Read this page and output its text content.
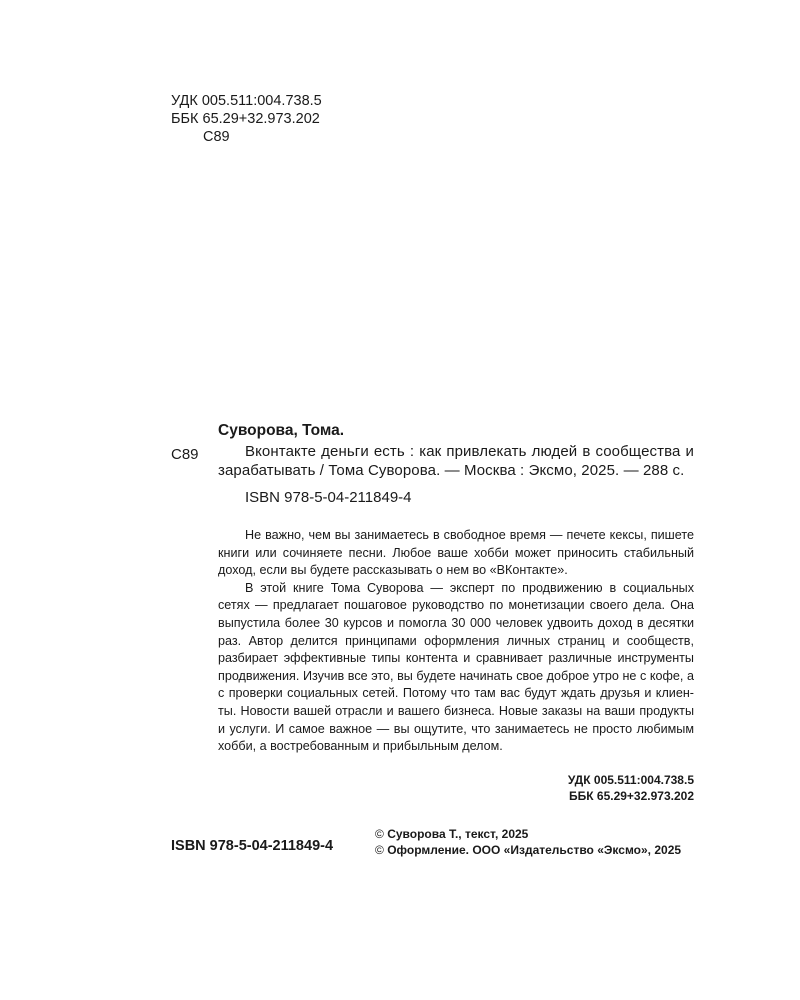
УДК 005.511:004.738.5
ББК 65.29+32.973.202
С89
С89
Суворова, Тома.
Вконтакте деньги есть : как привлекать людей в сообщества и зарабатывать / Тома Суворова. — Москва : Эксмо, 2025. — 288 с.
ISBN 978-5-04-211849-4

Не важно, чем вы занимаетесь в свободное время — печете кексы, пишете книги или сочиняете песни. Любое ваше хобби может приносить стабильный доход, если вы будете рассказывать о нем во «ВКонтакте».

В этой книге Тома Суворова — эксперт по продвижению в социальных сетях — предлагает пошаговое руководство по монетизации своего дела. Она выпустила более 30 курсов и помогла 30 000 человек удвоить доход в десятки раз. Автор делится принципами оформления личных страниц и сообществ, разбирает эффективные типы контента и сравнивает различные инструменты продвижения. Изучив все это, вы будете начинать свое доброе утро не с кофе, а с проверки социальных сетей. Потому что там вас будут ждать друзья и клиенты. Новости вашей отрасли и вашего бизнеса. Новые заказы на ваши продукты и услуги. И самое важное — вы ощутите, что занимаетесь не просто любимым хобби, а востребованным и прибыльным делом.

УДК 005.511:004.738.5
ББК 65.29+32.973.202
ISBN 978-5-04-211849-4
© Суворова Т., текст, 2025
© Оформление. ООО «Издательство «Эксмо», 2025
